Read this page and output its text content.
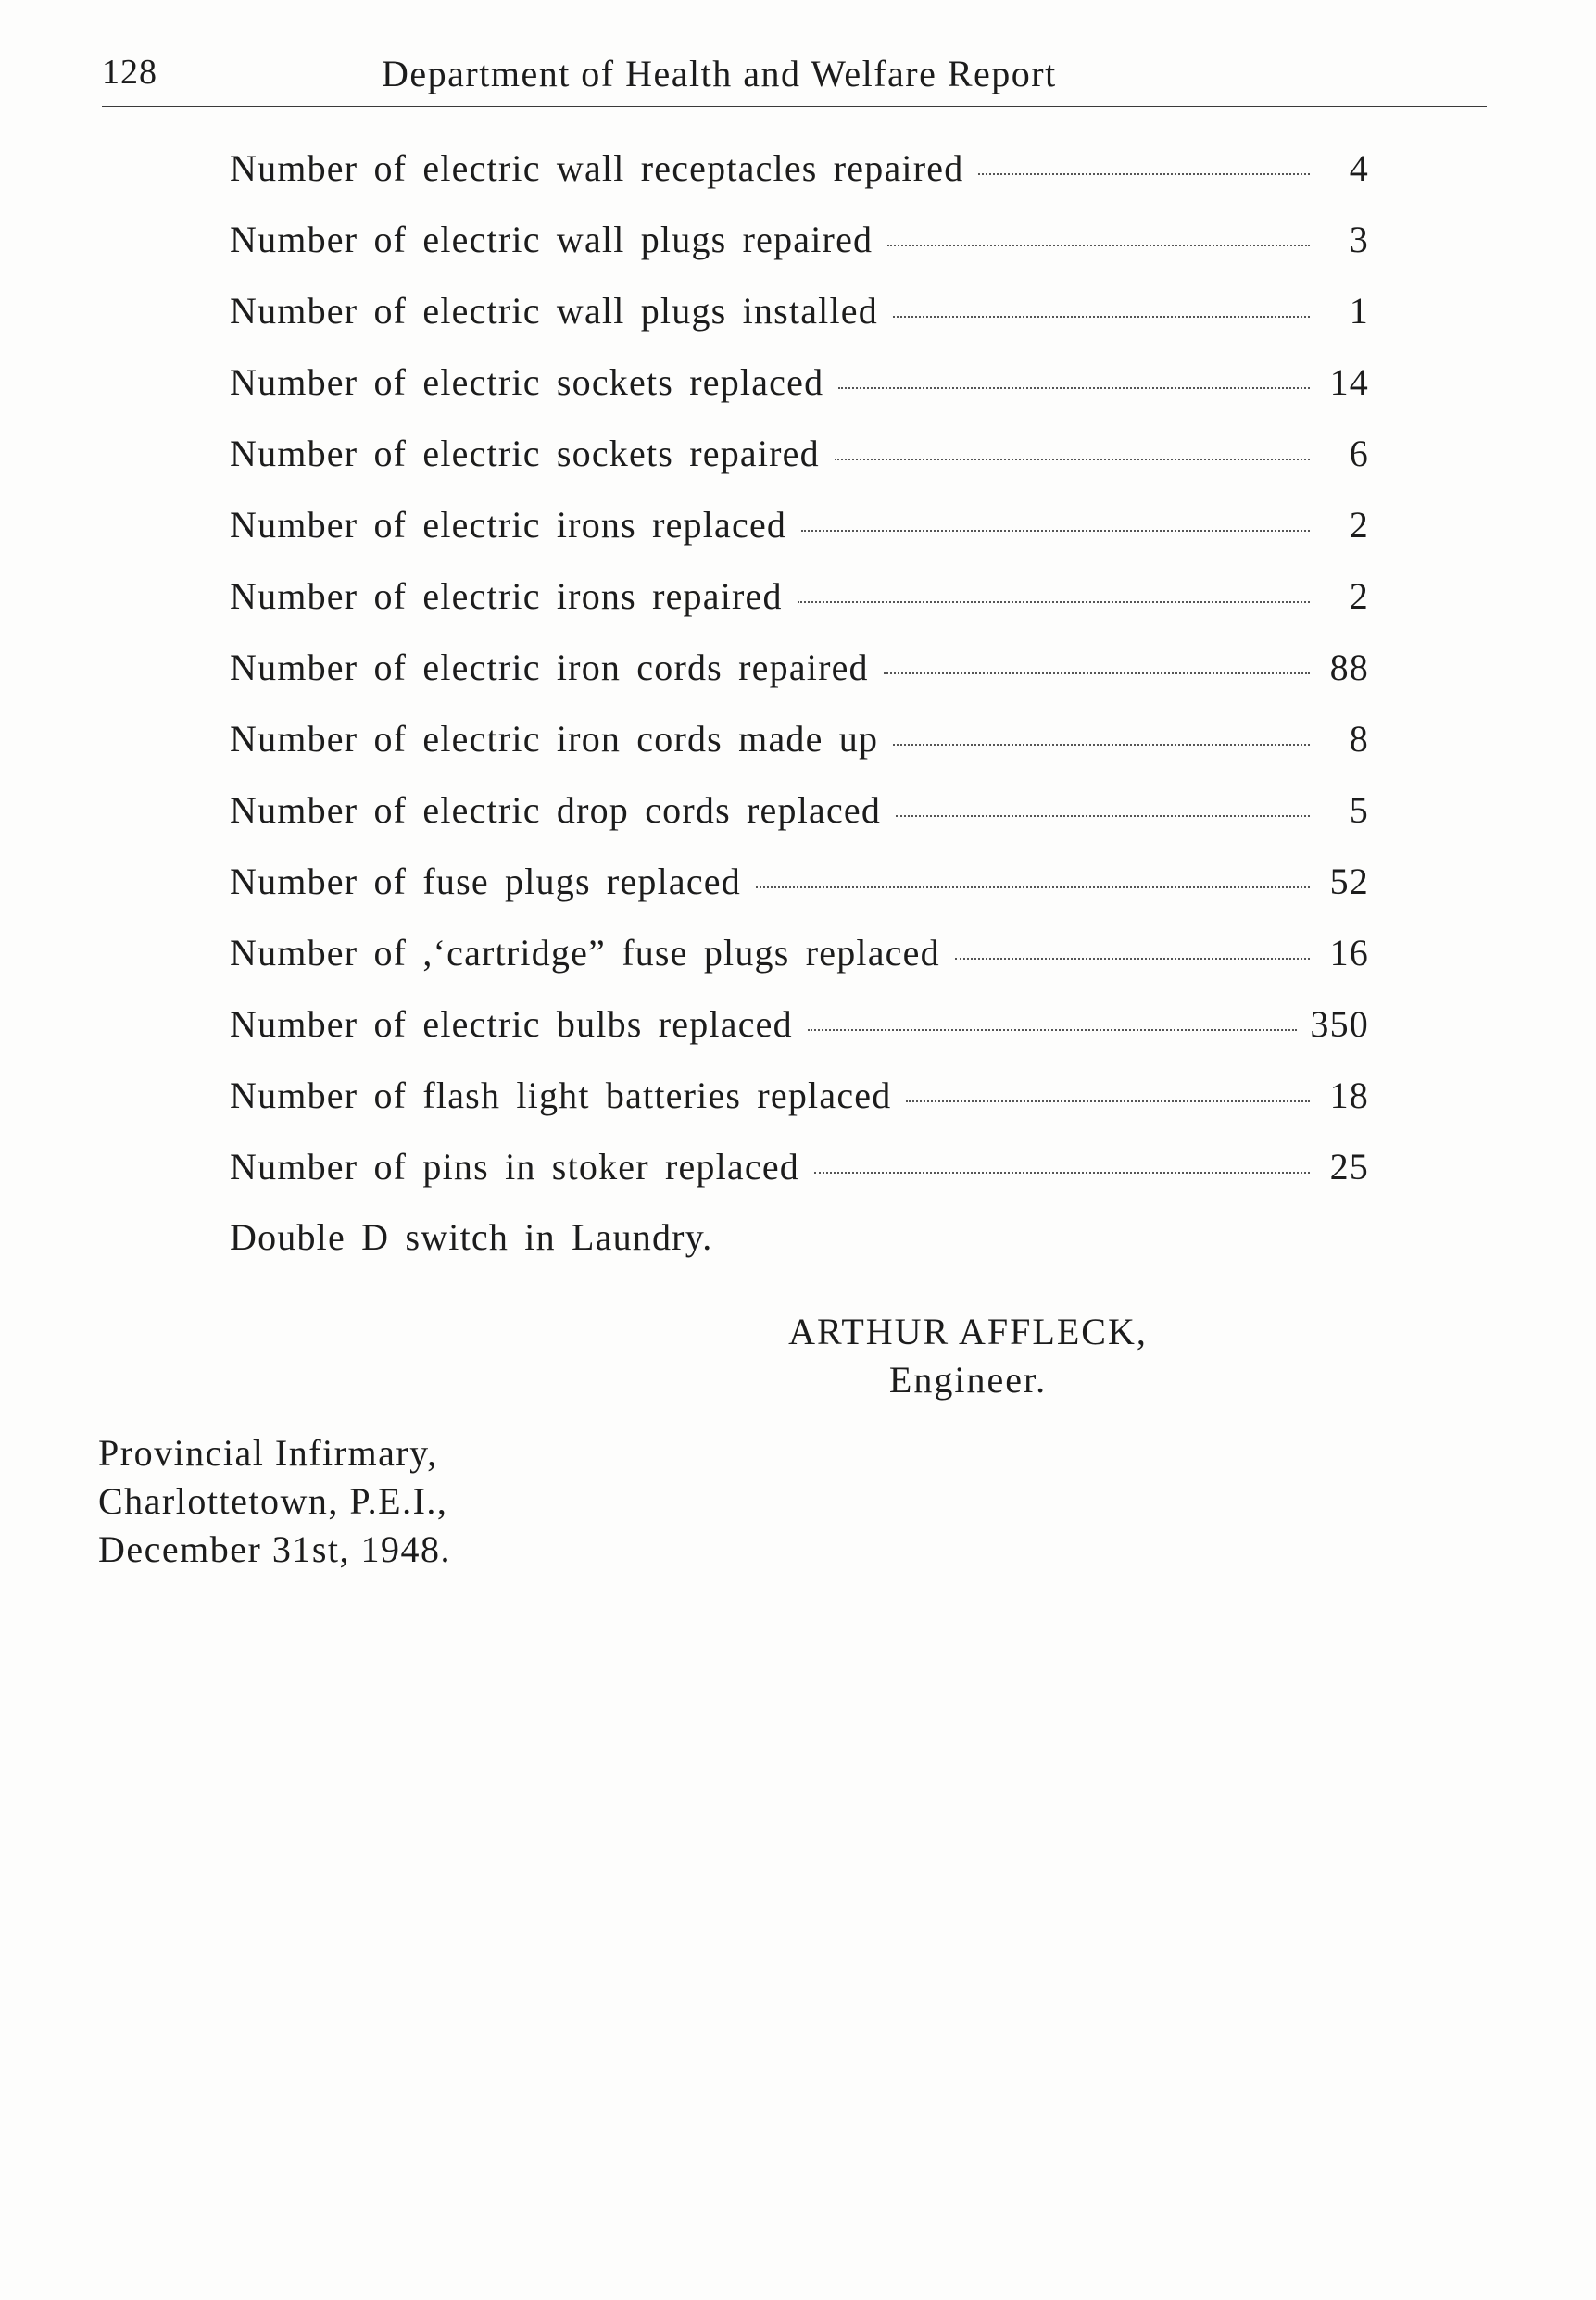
128	Department of Health and Welfare Report
Number of electric wall receptacles repaired	4
Number of electric wall plugs repaired	3
Number of electric wall plugs installed	1
Number of electric sockets replaced	14
Number of electric sockets repaired	6
Number of electric irons replaced	2
Number of electric irons repaired	2
Number of electric iron cords repaired	88
Number of electric iron cords made up	8
Number of electric drop cords replaced	5
Number of fuse plugs replaced	52
Number of ,‘cartridge” fuse plugs replaced	16
Number of electric bulbs replaced	350
Number of flash light batteries replaced	18
Number of pins in stoker replaced	25
Double D switch in Laundry.
ARTHUR AFFLECK,
Engineer.
Provincial Infirmary,
Charlottetown, P.E.I.,
December 31st, 1948.
